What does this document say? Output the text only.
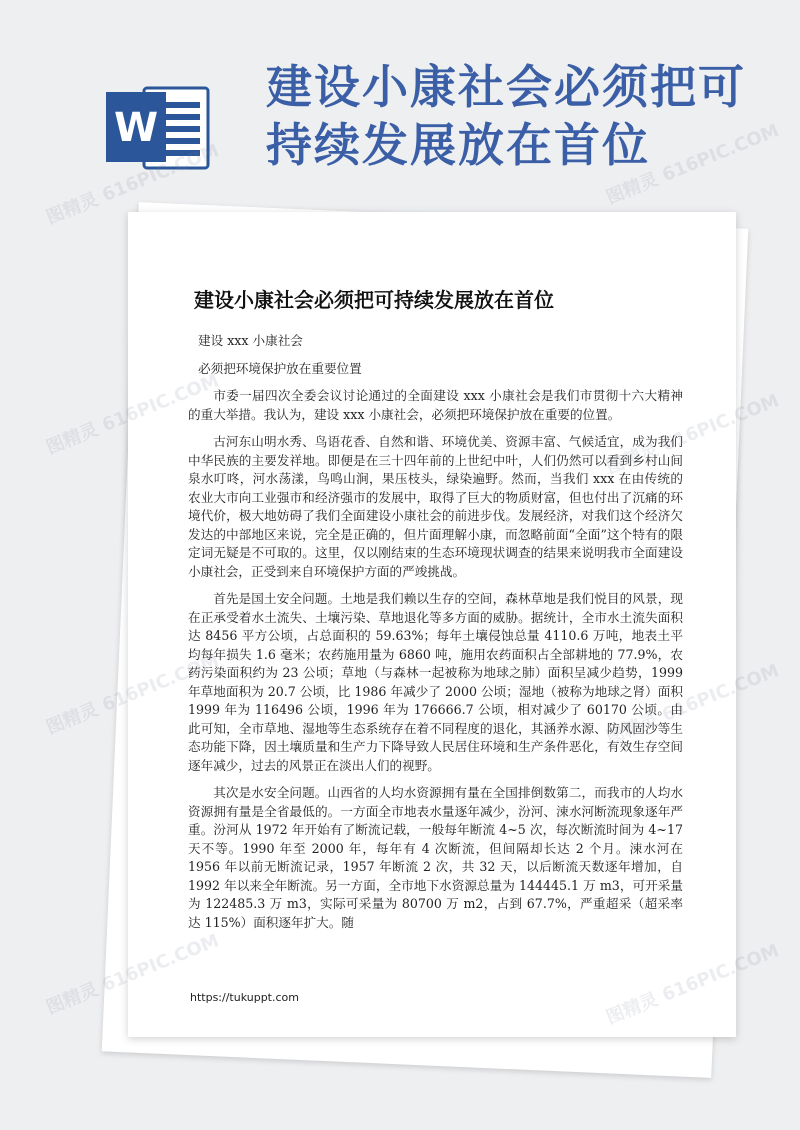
W
建设小康社会必须把可
持续发展放在首位
建设小康社会必须把可持续发展放在首位
建设 xxx 小康社会
必须把环境保护放在重要位置

市委一届四次全委会议讨论通过的全面建设 xxx 小康社会是我们市贯彻十六大精神的重大举措。我认为，建设 xxx 小康社会，必须把环境保护放在重要的位置。

古河东山明水秀、鸟语花香、自然和谐、环境优美、资源丰富、气候适宜，成为我们中华民族的主要发祥地。即便是在三十四年前的上世纪中叶，人们仍然可以看到乡村山间泉水叮咚，河水荡漾，鸟鸣山涧，果压枝头，绿染遍野。然而，当我们 xxx 在由传统的农业大市向工业强市和经济强市的发展中，取得了巨大的物质财富，但也付出了沉痛的环境代价，极大地妨碍了我们全面建设小康社会的前进步伐。发展经济，对我们这个经济欠发达的中部地区来说，完全是正确的，但片面理解小康，而忽略前面“全面”这个特有的限定词无疑是不可取的。这里，仅以刚结束的生态环境现状调查的结果来说明我市全面建设小康社会，正受到来自环境保护方面的严竣挑战。

首先是国土安全问题。土地是我们赖以生存的空间，森林草地是我们悦目的风景，现在正承受着水土流失、土壤污染、草地退化等多方面的威胁。据统计，全市水土流失面积达 8456 平方公顷，占总面积的 59.63%；每年土壤侵蚀总量 4110.6 万吨，地表土平均每年损失 1.6 毫米；农药施用量为 6860 吨，施用农药面积占全部耕地的 77.9%，农药污染面积约为 23 公顷；草地（与森林一起被称为地球之肺）面积呈减少趋势，1999 年草地面积为 20.7 公顷，比 1986 年减少了 2000 公顷；湿地（被称为地球之肾）面积 1999 年为 116496 公顷，1996 年为 176666.7 公顷，相对减少了 60170 公顷。由此可知，全市草地、湿地等生态系统存在着不同程度的退化，其涵养水源、防风固沙等生态功能下降，因土壤质量和生产力下降导致人民居住环境和生产条件恶化，有效生存空间逐年减少，过去的风景正在淡出人们的视野。

其次是水安全问题。山西省的人均水资源拥有量在全国排倒数第二，而我市的人均水资源拥有量是全省最低的。一方面全市地表水量逐年减少，汾河、涑水河断流现象逐年严重。汾河从 1972 年开始有了断流记载，一般每年断流 4~5 次，每次断流时间为 4~17 天不等。1990 年至 2000 年，每年有 4 次断流，但间隔却长达 2 个月。涑水河在 1956 年以前无断流记录，1957 年断流 2 次，共 32 天，以后断流天数逐年增加，自 1992 年以来全年断流。另一方面，全市地下水资源总量为 144445.1 万 m3，可开采量为 122485.3 万 m3，实际可采量为 80700 万 m2，占到 67.7%，严重超采（超采率达 115%）面积逐年扩大。随

https://tukuppt.com
图精灵 616PIC.COM	图精灵 616PIC.COM
图精灵
图精灵
图精灵
